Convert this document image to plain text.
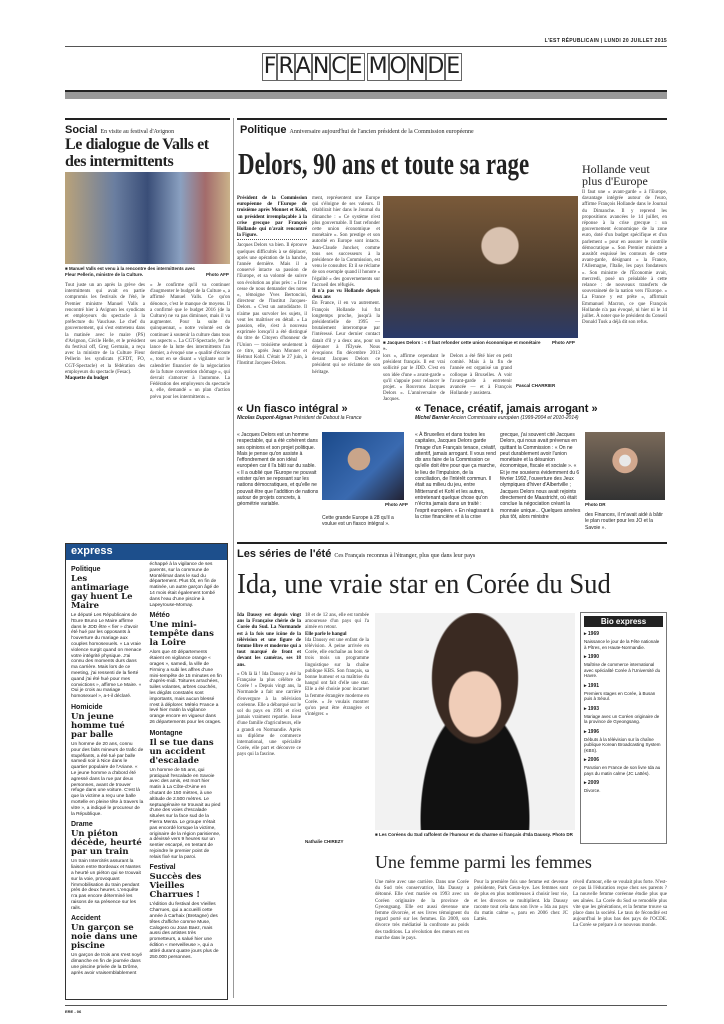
L'EST RÉPUBLICAIN | LUNDI 20 JUILLET 2015
FRANCE MONDE
Social En visite au festival d'Avignon
Le dialogue de Valls et des intermittents
■ Manuel Valls est venu à la rencontre des intermittents avec Fleur Pellerin, ministre de la Culture.	Photo AFP
Tout juste un an après la grève des intermittents qui avait en partie compromis les festivals de l'été, le Premier ministre Manuel Valls a rencontré hier à Avignon les syndicats et employeurs du spectacle à la préfecture du Vaucluse. Le chef du gouvernement, qui s'est entretenu dans la matinée avec le maire (PS) d'Avignon, Cécile Helle, et le président du festival off, Greg Germain, a reçu avec la ministre de la Culture Fleur Pellerin les syndicats (CFDT, FO, CGT-Spectacle) et la fédération des employeurs du spectacle (Fesac).
Maquette du budget
« Je confirme qu'il va continuer d'augmenter le budget de la Culture », a affirmé Manuel Valls. Ce qu'on dénonce, c'est le manque de moyens. Il a confirmé que le budget 2016 (de la Culture) ne va pas diminuer, mais il va augmenter. Pour la suite du quinquennat, « notre volonté est de continuer à soutenir la culture dans tous ses aspects ». La CGT-Spectacle, fer de lance de la lutte des intermittents l'an dernier, a évoqué une « qualité d'écoute », tout en se disant « vigilante sur le calendrier financier de la négociation de la future convention chômage », qui devrait s'amorcer à l'automne. La Fédération des employeurs du spectacle a, elle, demandé « un plan d'action prévu pour les intermittents ».
Politique Anniversaire aujourd'hui de l'ancien président de la Commission européenne
Delors, 90 ans et toute sa rage
Président de la Commission européenne de l'Europe de troisième après Monnet et Kohl, un président irremplaçable à la crise grecque par François Hollande qui n'avait rencontré la Figure.
Jacques Delors va bien. Il éprouve quelques difficultés à se déplacer, après une opération de la hanche, l'année dernière. Mais il a conservé intacte sa passion de l'Europe, et sa volonté de suivre son évolution au plus près : « Il ne cesse de nous demander des notes », témoigne Yves Bertoncini, directeur de l'Institut Jacques-Delors. « C'est un autodidacte. Il n'aime pas survoler les sujets, il veut les maîtriser en détail. » La passion, elle, s'est à nouveau exprimée lorsqu'il a été distingué du titre de Citoyen d'honneur de l'Union — troisième seulement à ce titre, après Jean Monnet et Helmut Kohl. C'était le 27 juin, à l'Institut Jacques-Delors.
ment, représentent une Europe qui s'éloigne de ses valeurs. Il rétablirait hier dans le Journal du dimanche : « Ce système n'est plus gouvernable. Il faut refonder cette union économique et monétaire ». Son prestige et son autorité en Europe sont intacts. Jean-Claude Juncker, comme tous ses successeurs à la présidence de la Commission, est venu le consulter. Et il se réclame de son exemple quand il honore « l'égalité » des gouvernements sur l'accueil des réfugiés.
Il n'a pas vu Hollande depuis deux ans
En France, il en va autrement. François Hollande lui fut longtemps proche, jusqu'à la présidentielle de 1995 — brutalement interrompue par l'intéressé. Leur dernier contact datait d'il y a deux ans, pour un déjeuner à l'Élysée. Nous évoquions fin décembre 2013 devant Jacques Delors ce président qui se réclame de son héritage.
■ Jacques Delors : « Il faut refonder cette union économique et monétaire ».
Photo AFP
lors », affirme cependant le président français. Il est vrai sollicité par le JDD. C'est en son idée d'une « avant-garde » qu'il s'appuie pour relancer le projet. « Rouvrons Jacques Delors ». L'anniversaire de Jacques.
Delors a été fêté hier en petit comité. Mais à la fin de l'année est organisé un grand colloque à Bruxelles. A voir l'avant-garde à entretenir avancée — et à François Hollande y assistera.
Pascal CHARRIER
Hollande veut plus d'Europe
Il faut une « avant-garde » à l'Europe, davantage intégrée autour de l'euro, affirme François Hollande dans le Journal du Dimanche. Il y reprend les propositions avancées le 14 juillet, en réponse à la crise grecque : un gouvernement économique de la zone euro, doté d'un budget spécifique et d'un parlement « pour en assurer le contrôle démocratique ». Son Premier ministre a aussitôt esquissé les contours de cette avant-garde, désignant « la France, l'Allemagne, l'Italie, les pays fondateurs ». Son ministre de l'Économie avait, mercredi, posé un préalable à cette relance : de nouveaux transferts de souveraineté de la nation vers l'Europe. « La France y est prête », affirmait Emmanuel Macron, ce que François Hollande n'a pas évoqué, ni hier ni le 14 juillet. À noter que le président du Conseil Donald Tusk a déjà dit son refus.
« Un fiasco intégral »
Nicolas Dupont-Aignan Président de Debout la France
« Jacques Delors est un homme respectable, qui a été cohérent dans ses opinions et son projet politique. Mais je pense qu'on assiste à l'effondrement de son idéal européen car il l'a bâti sur du sable. « Il a oublié que l'Europe ne pouvait exister qu'en se reposant sur les nations démocratiques, et qu'elle ne pouvait être que l'addition de nations autour de projets concrets, à géométrie variable.	Photo AFP
Cette grande Europe à 28 qu'il a voulue est un fiasco intégral ».
« Tenace, créatif, jamais arrogant »
Michel Barnier Ancien Commissaire européen (1999-2004 et 2010-2014)
« À Bruxelles et dans toutes les capitales, Jacques Delors garde l'image d'un Français tenace, créatif, attentif, jamais arrogant. Il vous rend dix ans faire de la Commission ce qu'elle doit être pour que ça marche, le lieu de l'impulsion, de la conciliation, de l'intérêt commun. Il était au milieu du jeu, entre Mitterrand et Kohl et les autres, entretenant quelque chose qu'on n'écrira jamais dans un traité : l'esprit européen. « En réagissant à la crise financière et à la crise
grecque, j'ai souvent cité Jacques Delors, qui nous avait prévenus en quittant la Commission : « On ne peut durablement avoir l'union monétaire et la désunion économique, fiscale et sociale ». « Et je me souviens évidemment du 6 février 1992, l'ouverture des Jeux olympiques d'hiver d'Albertville ; Jacques Delors nous avait rejoints directement de Maastricht, où était conclue la négociation créant la monnaie unique... Quelques années plus tôt, alors ministre
Photo DR
des Finances, il m'avait aidé à bâtir le plan routier pour les JO et la Savoie ».
express
Politique
Les antimariage gay huent Le Maire
Le député Les Républicains de l'Eure Bruno Le Maire affirme dans le JDD être « fier » d'avoir été hué par les opposants à l'ouverture du mariage aux couples homosexuels. « La vraie violence surgit quand on menace votre intégrité physique. J'ai connu des moments durs dans ma carrière. Mais lors de ce meeting, j'ai ressenti de la fierté quand j'ai été hué pour mes convictions », affirme Le Maire. « Oui je crois au mariage homosexuel », a-t-il déclaré.
Homicide
Un jeune homme tué par balle
Un homme de 20 ans, connu pour des faits mineurs de trafic de stupéfiants, a été tué par balle samedi soir à Nice dans le quartier populaire de l'Ariane. « Le jeune homme a d'abord été agressé dans la rue par deux personnes, avant de trouver refuge dans une voiture. C'est là que la victime a reçu une balle mortelle en pleine tête à travers la vitre », a indiqué le procureur de la République.
Drame
Un piéton décède, heurté par un train
Un train Intercités assurant la liaison entre Bordeaux et Nantes a heurté un piéton qui se trouvait sur la voie, provoquant l'immobilisation du train pendant près de deux heures. L'enquête n'a pas encore déterminé les raisons de sa présence sur les rails.
Accident
Un garçon se noie dans une piscine
Un garçon de trois ans s'est noyé dimanche en fin de journée dans une piscine privée de la Drôme, après avoir vraisemblablement
échappé à la vigilance de ses parents, sur la commune de Montélimar dans le sud du département. Plus tôt, en fin de matinée, un autre garçon âgé de 14 mois était également tombé dans l'eau d'une piscine à Lapeyrouse-Mornay.
Météo
Une mini-tempête dans la Loire
Alors que 40 départements étaient en vigilance orange « orages », samedi, la ville de Firminy a subi les affres d'une mini-tempête de 15 minutes en fin d'après-midi. Toitures arrachées, tuiles volantes, arbres couchés, les dégâts constatés sont importants, mais aucun blessé n'est à déplorer. Météo France a levé hier matin la vigilance orange encore en vigueur dans 26 départements pour les orages.
Montagne
Il se tue dans un accident d'escalade
Un homme de 55 ans, qui pratiquait l'escalade en Savoie avec des amis, est mort hier matin à La Côte-d'Aime en chutant de 150 mètres, à une altitude de 2.500 mètres. Le septuagénaire se trouvait au pied d'une des voies d'escalade situées sur la face sud de la Pierra Menta. Le groupe n'était pas encordé lorsque la victime, originaire de la région parisienne, a dévissé vers 9 heures sur un sentier escarpé, en tentant de rejoindre le premier point de relais fixé sur la paroi.
Festival
Succès des Vieilles Charrues !
L'édition du festival des Vieilles Charrues, qui a accueilli cette année à Carhaix (Bretagne) des têtes d'affiche comme Muse, Calogero ou Joan Baez, mais aussi des artistes très prometteurs, a salué hier une édition « merveilleuse », qui a attiré durant quatre jours plus de 250.000 personnes.
Les séries de l'été Ces Français reconnus à l'étranger, plus que dans leur pays
Ida, une vraie star en Corée du Sud
Ida Daussy est depuis vingt ans la Française chérie de la Corée du Sud. La Normande est à la fois une icône de la télévision et une figure de femme libre et moderne qui a tout marqué de front et devant les caméras, ses 18 ans.
« Oh là là ! Ida Daussy a été la Française la plus célèbre de Corée ! » Depuis vingt ans, la Normande a fait une carrière d'envergure à la télévision coréenne. Elle a débarqué sur le sol du pays en 1991 et n'est jamais vraiment repartie. Issue d'une famille d'agriculteurs, elle a grandi en Normandie. Après un diplôme de commerce international, une spécialité Corée, elle part et découvre ce pays qui la fascine.
18 et de 12 ans, elle est tombée amoureuse d'un pays qui l'a aimée en retour.
Elle parle le hangul
Ida Daussy est une enfant de la télévision. À peine arrivée en Corée, elle enchaîne au bout de trois mois un programme linguistique sur la chaîne publique KBS. Son français, sa bonne humeur et sa maîtrise du hangul ont fait d'elle une star. Elle a été choisie pour incarner la femme étrangère moderne en Corée. « Je voulais montrer qu'on peut être étrangère et s'intégrer. »
Nathalie CHIREZY
■ Les Coréens du Sud raffolent de l'humour et du charme si français d'Ida Daussy. Photo DR
Une femme parmi les femmes
Une mère avec une carrière. Dans une Corée du Sud très conservatrice, Ida Daussy a détonné. Elle s'est mariée en 1993 avec un Coréen originaire de la province de Gyeongsang. Elle est aussi devenue une femme divorcée, et ses livres témoignent du regard porté sur les femmes. En 2009, son divorce très médiatisé la confronte au poids des traditions. La révolution des mœurs est en marche dans le pays.
Pour la première fois une femme est devenue présidente, Park Geun-hye. Les femmes sont de plus en plus nombreuses à choisir leur vie, et les divorces se multiplient. Ida Daussy raconte tout cela dans son livre « Ida au pays du matin calme », paru en 2006 chez JC Lattès.
réveil d'amour, elle se voulait plus forte. N'est-ce pas là l'éducation reçue chez ses parents ? La nouvelle femme coréenne étudie plus que ses aînées. La Corée du Sud se remodèle plus vite que les générations, et la femme trouve sa place dans la société. Le taux de fécondité est aujourd'hui le plus bas des pays de l'OCDE. La Corée se prépare à ce nouveau monde.
Bio express
▸ 1969
Naissance le jour de la Fête nationale à Pîtres, en Haute-Normandie.
▸ 1990
Maîtrise de commerce international avec spécialité Corée à l'Université du Havre.
▸ 1991
Premiers stages en Corée, à Busan puis à Séoul.
▸ 1993
Mariage avec un Coréen originaire de la province de Gyeongsang.
▸ 1996
Débuts à la télévision sur la chaîne publique Korean Broadcasting System (KBS).
▸ 2006
Parution en France de son livre Ida au pays du matin calme (JC Lattès).
▸ 2009
Divorce.
ERE - 06
